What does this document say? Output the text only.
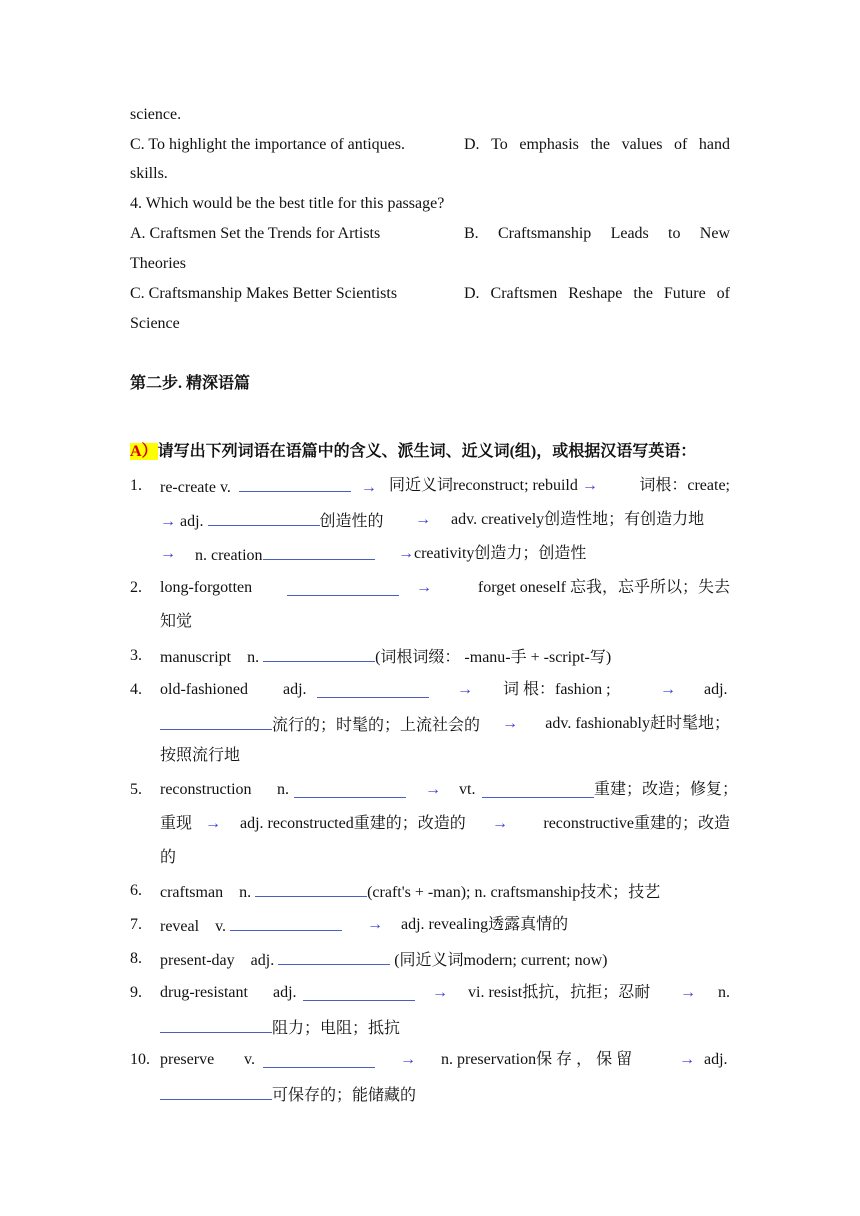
science.
C. To highlight the importance of antiques.	D. To emphasis the values of hand
skills.
4. Which would be the best title for this passage?
A. Craftsmen Set the Trends for Artists	B. Craftsmanship Leads to New
Theories
C. Craftsmanship Makes Better Scientists	D. Craftsmen Reshape the Future of
Science
第二步. 精深语篇
A）请写出下列词语在语篇中的含义、派生词、近义词(组)，或根据汉语写英语：
1. re-create v.	→ 同近义词reconstruct; rebuild →	词根：create;
→ adj.	创造性的 → adv. creatively创造性地；有创造力地
→ n. creation	→creativity创造力；创造性
2. long-forgotten	→	forget oneself 忘我，忘乎所以；失去
知觉
3. manuscript n.	(词根词缀： -manu-手 + -script-写)
4. old-fashioned adj.	→ 词 根：fashion ;	→ adj.
流行的；时髦的；上流社会的 →	adv. fashionably赶时髦地；
按照流行地
5. reconstruction n.	→ vt.	重建；改造；修复；
重现 → adj. reconstructed重建的；改造的 →	reconstructive重建的；改造
的
6. craftsman n.	(craft's + -man); n. craftsmanship技术；技艺
7. reveal v.	→ adj. revealing透露真情的
8. present-day adj.	(同近义词modern; current; now)
9. drug-resistant adj.	→ vi. resist抵抗，抗拒；忍耐 → n.
阻力；电阻；抵抗
10. preserve v.	→ n. preservation保 存 ， 保 留	→ adj.
可保存的；能储藏的
